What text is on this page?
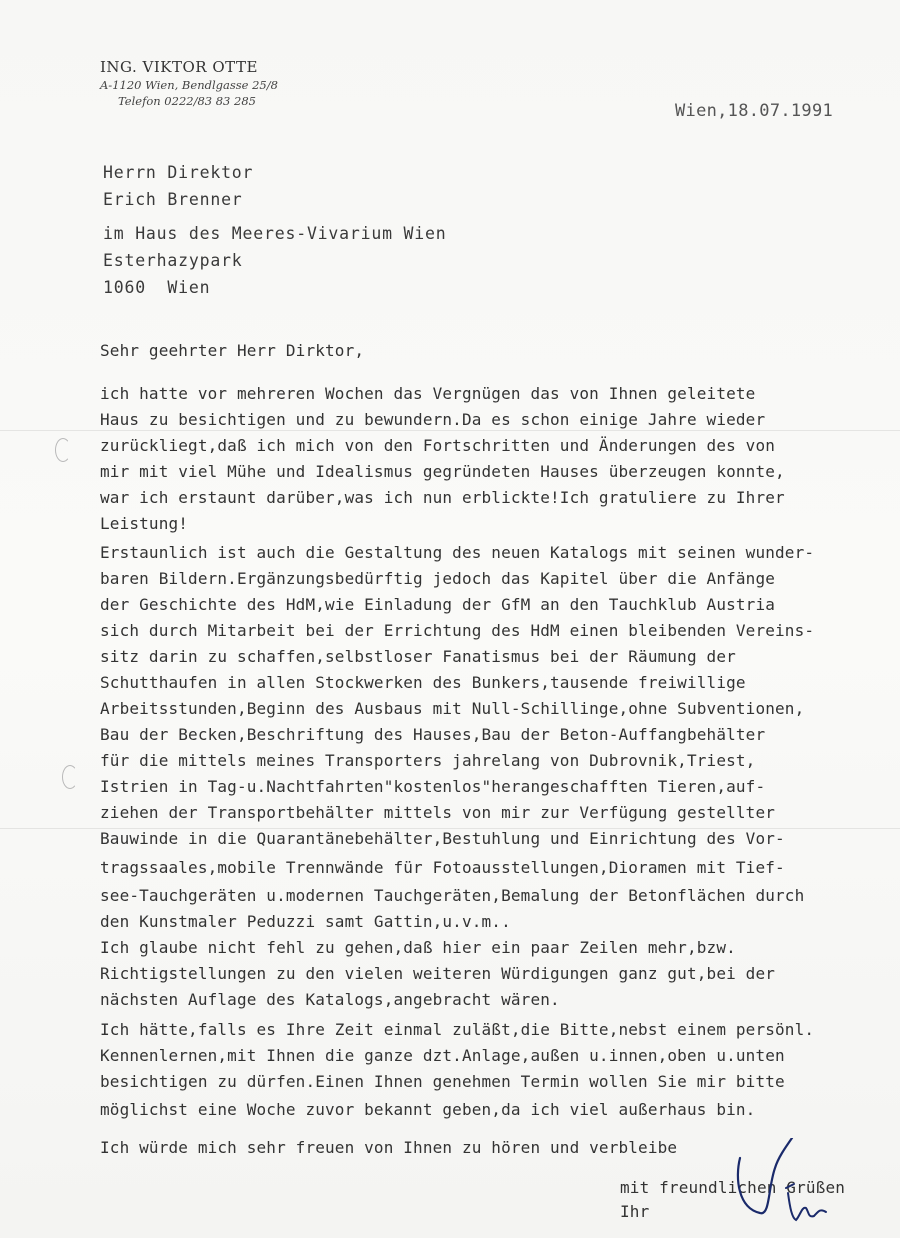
ING. VIKTOR OTTE
A-1120 Wien, Bendlgasse 25/8
Telefon 0222/83 83 285	Wien,18.07.1991
Herrn Direktor
Erich Brenner
im Haus des Meeres-Vivarium Wien
Esterhazypark
1060  Wien
Sehr geehrter Herr Dirktor,
ich hatte vor mehreren Wochen das Vergnügen das von Ihnen geleitete
Haus zu besichtigen und zu bewundern.Da es schon einige Jahre wieder
zurückliegt,daß ich mich von den Fortschritten und Änderungen des von
mir mit viel Mühe und Idealismus gegründeten Hauses überzeugen konnte,
war ich erstaunt darüber,was ich nun erblickte!Ich gratuliere zu Ihrer
Leistung!
Erstaunlich ist auch die Gestaltung des neuen Katalogs mit seinen wunder-
baren Bildern.Ergänzungsbedürftig jedoch das Kapitel über die Anfänge
der Geschichte des HdM,wie Einladung der GfM an den Tauchklub Austria
sich durch Mitarbeit bei der Errichtung des HdM einen bleibenden Vereins-
sitz darin zu schaffen,selbstloser Fanatismus bei der Räumung der
Schutthaufen in allen Stockwerken des Bunkers,tausende freiwillige
Arbeitsstunden,Beginn des Ausbaus mit Null-Schillinge,ohne Subventionen,
Bau der Becken,Beschriftung des Hauses,Bau der Beton-Auffangbehälter
für die mittels meines Transporters jahrelang von Dubrovnik,Triest,
Istrien in Tag-u.Nachtfahrten"kostenlos"herangeschafften Tieren,auf-
ziehen der Transportbehälter mittels von mir zur Verfügung gestellter
Bauwinde in die Quarantänebehälter,Bestuhlung und Einrichtung des Vor-
tragssaales,mobile Trennwände für Fotoausstellungen,Dioramen mit Tief-
see-Tauchgeräten u.modernen Tauchgeräten,Bemalung der Betonflächen durch
den Kunstmaler Peduzzi samt Gattin,u.v.m..
Ich glaube nicht fehl zu gehen,daß hier ein paar Zeilen mehr,bzw.
Richtigstellungen zu den vielen weiteren Würdigungen ganz gut,bei der
nächsten Auflage des Katalogs,angebracht wären.
Ich hätte,falls es Ihre Zeit einmal zuläßt,die Bitte,nebst einem persönl.
Kennenlernen,mit Ihnen die ganze dzt.Anlage,außen u.innen,oben u.unten
besichtigen zu dürfen.Einen Ihnen genehmen Termin wollen Sie mir bitte
möglichst eine Woche zuvor bekannt geben,da ich viel außerhaus bin.
Ich würde mich sehr freuen von Ihnen zu hören und verbleibe
mit freundlichen Grüßen
Ihr
